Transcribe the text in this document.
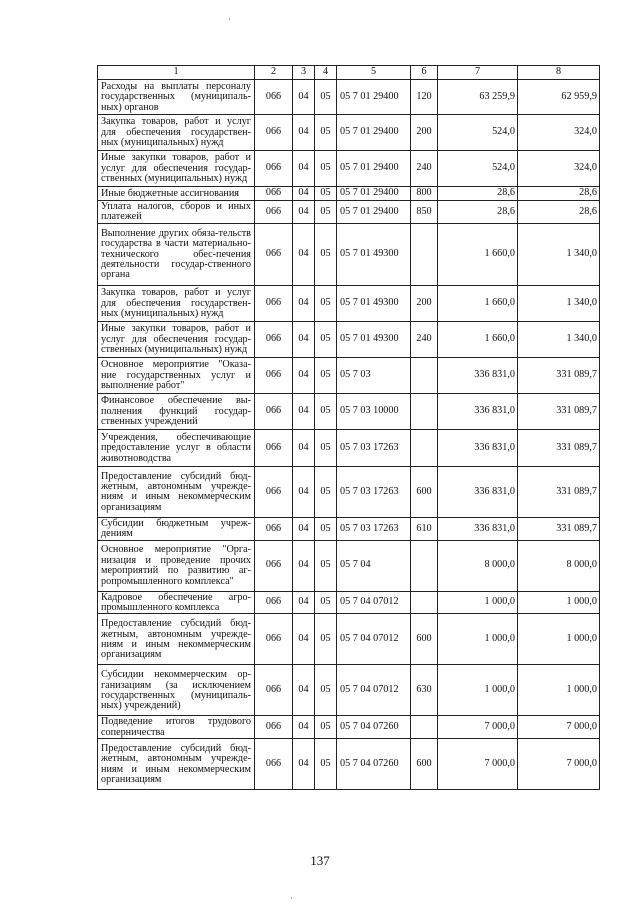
1	2	3	4	5	6	7	8
Расходы на выплаты персоналу государственных (муниципаль-ных) органов	066	04	05	05 7 01 29400	120	63 259,9	62 959,9
Закупка товаров, работ и услуг для обеспечения государствен-ных (муниципальных) нужд	066	04	05	05 7 01 29400	200	524,0	324,0
Иные закупки товаров, работ и услуг для обеспечения государ-ственных (муниципальных) нужд	066	04	05	05 7 01 29400	240	524,0	324,0
Иные бюджетные ассигнования	066	04	05	05 7 01 29400	800	28,6	28,6
Уплата налогов, сборов и иных платежей	066	04	05	05 7 01 29400	850	28,6	28,6
Выполнение других обяза-тельств государства в части материально-технического обес-печения деятельности государ-ственного органа	066	04	05	05 7 01 49300		1 660,0	1 340,0
Закупка товаров, работ и услуг для обеспечения государствен-ных (муниципальных) нужд	066	04	05	05 7 01 49300	200	1 660,0	1 340,0
Иные закупки товаров, работ и услуг для обеспечения государ-ственных (муниципальных) нужд	066	04	05	05 7 01 49300	240	1 660,0	1 340,0
Основное мероприятие "Оказа-ние государственных услуг и выполнение работ"	066	04	05	05 7 03		336 831,0	331 089,7
Финансовое обеспечение вы-полнения функций государ-ственных учреждений	066	04	05	05 7 03 10000		336 831,0	331 089,7
Учреждения, обеспечивающие предоставление услуг в области животноводства	066	04	05	05 7 03 17263		336 831,0	331 089,7
Предоставление субсидий бюд-жетным, автономным учрежде-ниям и иным некоммерческим организациям	066	04	05	05 7 03 17263	600	336 831,0	331 089,7
Субсидии бюджетным учреж-дениям	066	04	05	05 7 03 17263	610	336 831,0	331 089,7
Основное мероприятие "Орга-низация и проведение прочих мероприятий по развитию аг-ропромышленного комплекса"	066	04	05	05 7 04		8 000,0	8 000,0
Кадровое обеспечение агро-промышленного комплекса	066	04	05	05 7 04 07012		1 000,0	1 000,0
Предоставление субсидий бюд-жетным, автономным учрежде-ниям и иным некоммерческим организациям	066	04	05	05 7 04 07012	600	1 000,0	1 000,0
Субсидии некоммерческим ор-ганизациям (за исключением государственных (муниципаль-ных) учреждений)	066	04	05	05 7 04 07012	630	1 000,0	1 000,0
Подведение итогов трудового соперничества	066	04	05	05 7 04 07260		7 000,0	7 000,0
Предоставление субсидий бюд-жетным, автономным учрежде-ниям и иным некоммерческим организациям	066	04	05	05 7 04 07260	600	7 000,0	7 000,0
137
·
·
